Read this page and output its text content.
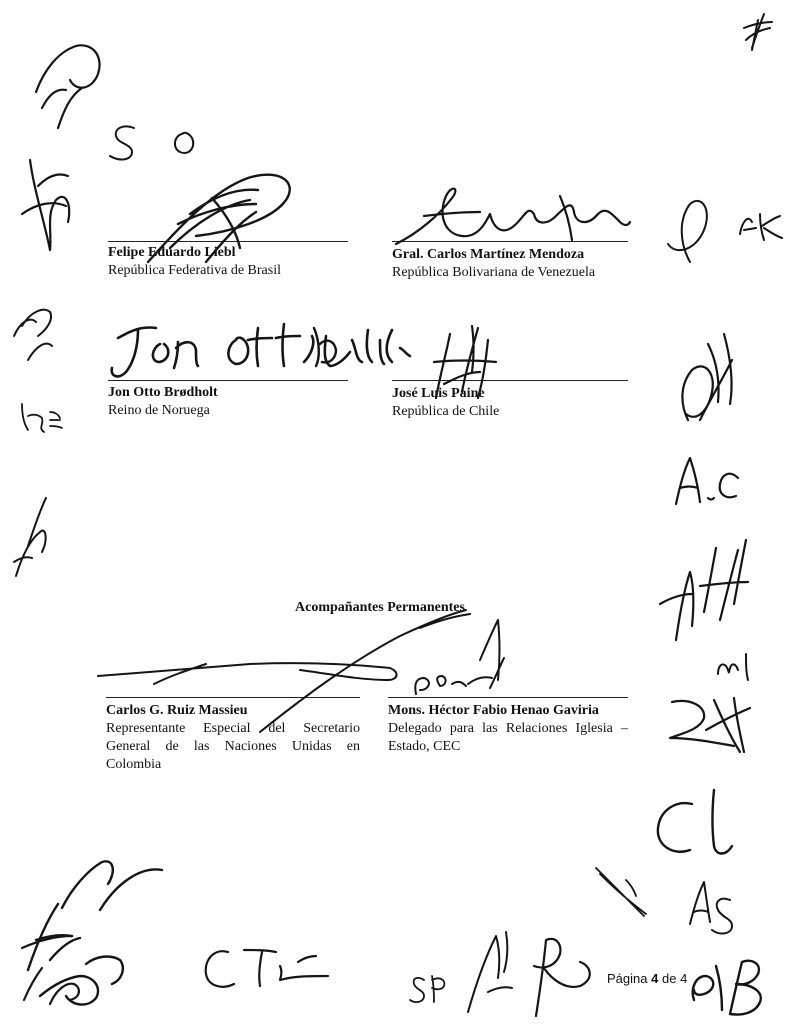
Felipe Eduardo Liebl
República Federativa de Brasil
Gral. Carlos Martínez Mendoza
República Bolivariana de Venezuela
Jon Otto Brødholt
Reino de Noruega
José Luis Paine
República de Chile
Acompañantes Permanentes
Carlos G. Ruiz Massieu
Representante Especial del Secretario General de las Naciones Unidas en Colombia
Mons. Héctor Fabio Henao Gaviria
Delegado para las Relaciones Iglesia – Estado, CEC
Página 4 de 4
